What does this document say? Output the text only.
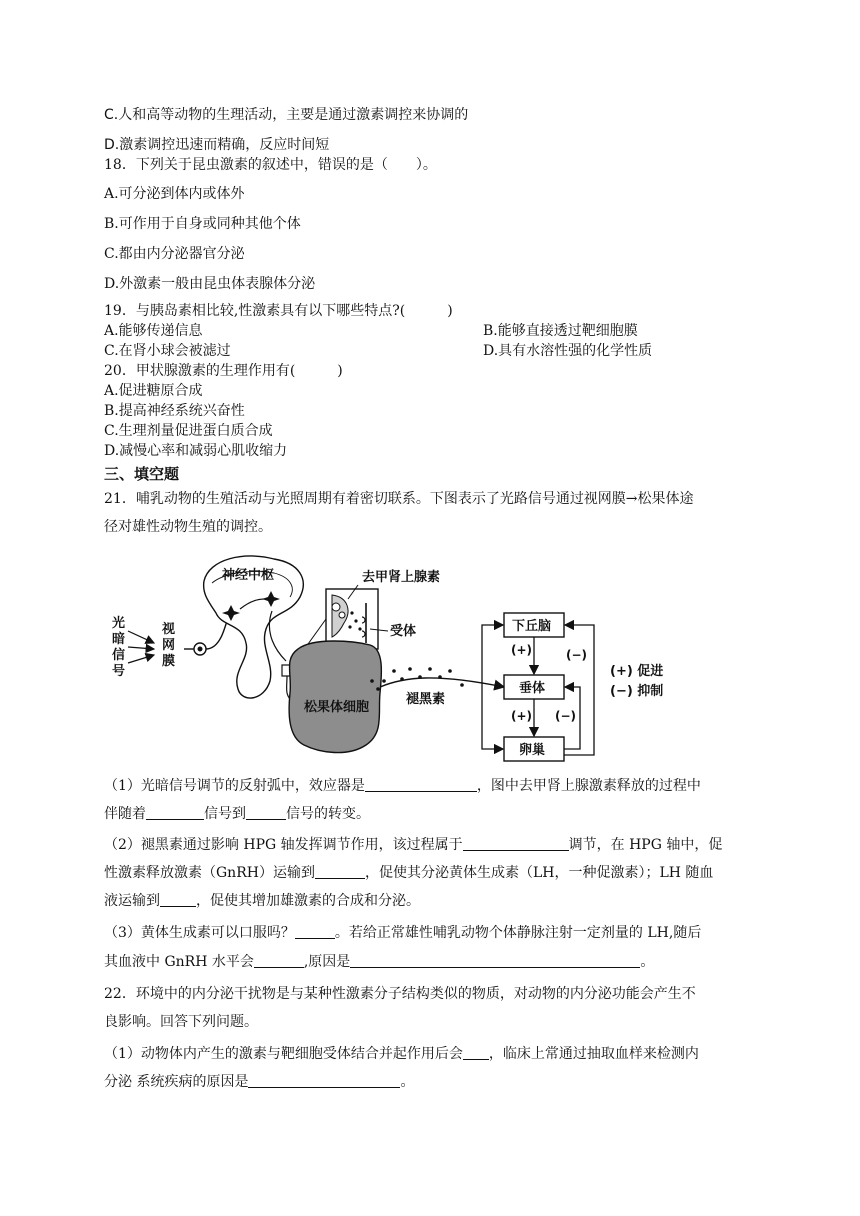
C.人和高等动物的生理活动，主要是通过激素调控来协调的
D.激素调控迅速而精确，反应时间短
18．下列关于昆虫激素的叙述中，错误的是（　　）。
A.可分泌到体内或体外
B.可作用于自身或同种其他个体
C.都由内分泌器官分泌
D.外激素一般由昆虫体表腺体分泌
19．与胰岛素相比较,性激素具有以下哪些特点?(　　　)
A.能够传递信息	B.能够直接透过靶细胞膜
C.在肾小球会被滤过	D.具有水溶性强的化学性质
20．甲状腺激素的生理作用有(　　　)
A.促进糖原合成
B.提高神经系统兴奋性
C.生理剂量促进蛋白质合成
D.减慢心率和减弱心肌收缩力
三、填空题
21．哺乳动物的生殖活动与光照周期有着密切联系。下图表示了光路信号通过视网膜→松果体途
径对雄性动物生殖的调控。
光
暗
信
号
视
网
膜
神经中枢	去甲肾上腺素
受体
松果体细胞
褪黑素
下丘脑
垂体
卵巢
(+)
(+) (−)
(−)
(+) 促进
(−) 抑制
（1）光暗信号调节的反射弧中，效应器是	，图中去甲肾上腺激素释放的过程中
伴随着	信号到	信号的转变。
（2）褪黑素通过影响 HPG 轴发挥调节作用，该过程属于	调节，在 HPG 轴中，促
性激素释放激素（GnRH）运输到	，促使其分泌黄体生成素（LH，一种促激素）；LH 随血
液运输到	，促使其增加雄激素的合成和分泌。
（3）黄体生成素可以口服吗？	。若给正常雄性哺乳动物个体静脉注射一定剂量的 LH,随后
其血液中 GnRH 水平会	,原因是	。
22．环境中的内分泌干扰物是与某种性激素分子结构类似的物质，对动物的内分泌功能会产生不
良影响。回答下列问题。
（1）动物体内产生的激素与靶细胞受体结合并起作用后会 ，临床上常通过抽取血样来检测内
分泌 系统疾病的原因是	。
